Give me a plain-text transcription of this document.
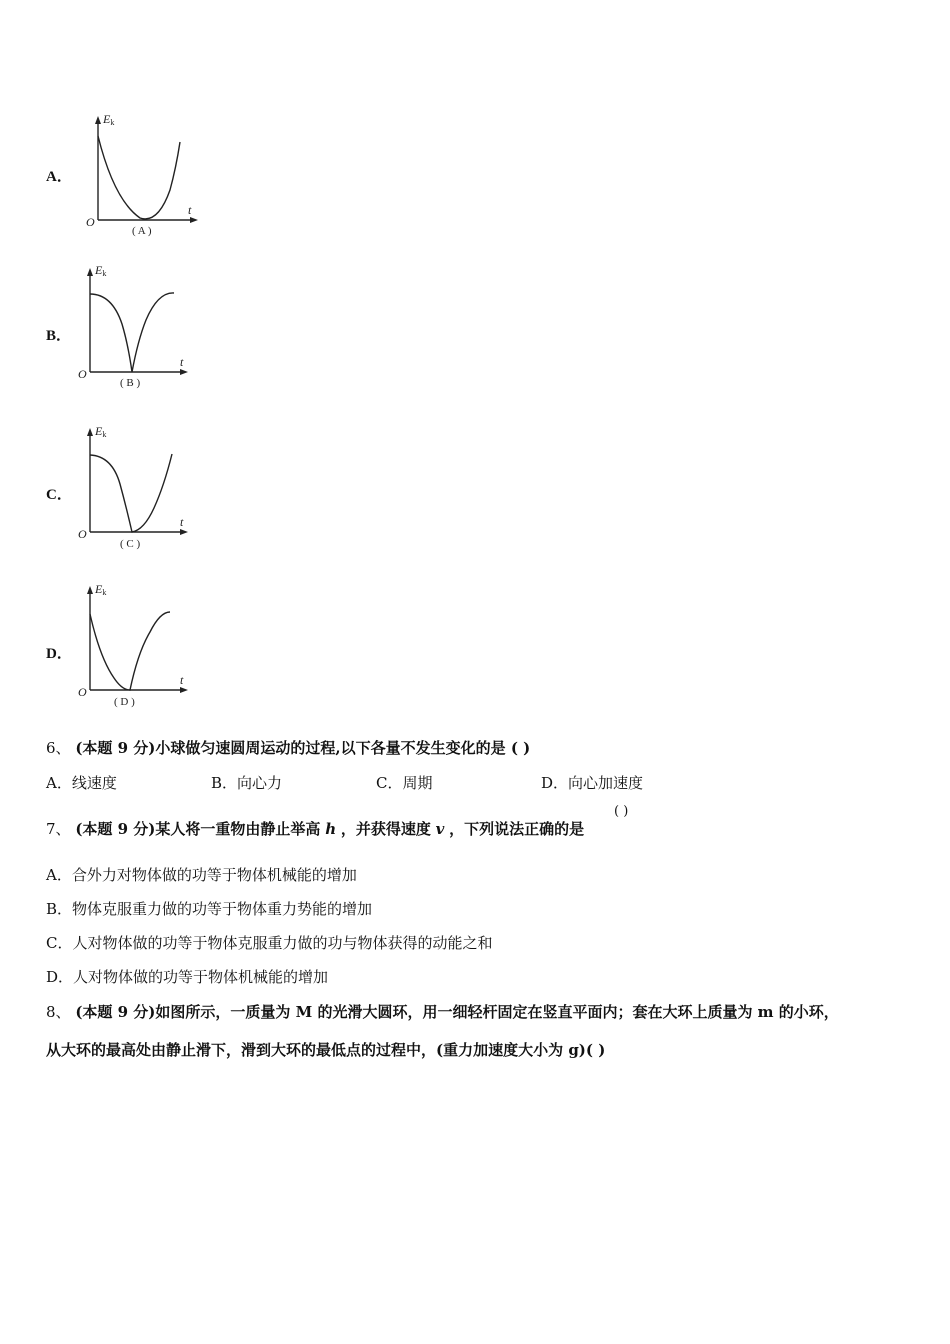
A．
Ek
t
O
( A )
B．
Ek
t
O
( B )
C．
Ek
t
O
( C )
D．
Ek
t
O
( D )
6、 (本题 9 分)小球做匀速圆周运动的过程,以下各量不发生变化的是 ( )
A．线速度	B．向心力	C．周期	D．向心加速度
7、 (本题 9 分)某人将一重物由静止举高 h ，并获得速度 v ，下列说法正确的是
( )
A．合外力对物体做的功等于物体机械能的增加
B．物体克服重力做的功等于物体重力势能的增加
C．人对物体做的功等于物体克服重力做的功与物体获得的动能之和
D．人对物体做的功等于物体机械能的增加
8、 (本题 9 分)如图所示，一质量为 M 的光滑大圆环，用一细轻杆固定在竖直平面内；套在大环上质量为 m 的小环，
从大环的最高处由静止滑下，滑到大环的最低点的过程中，(重力加速度大小为 g)( )
